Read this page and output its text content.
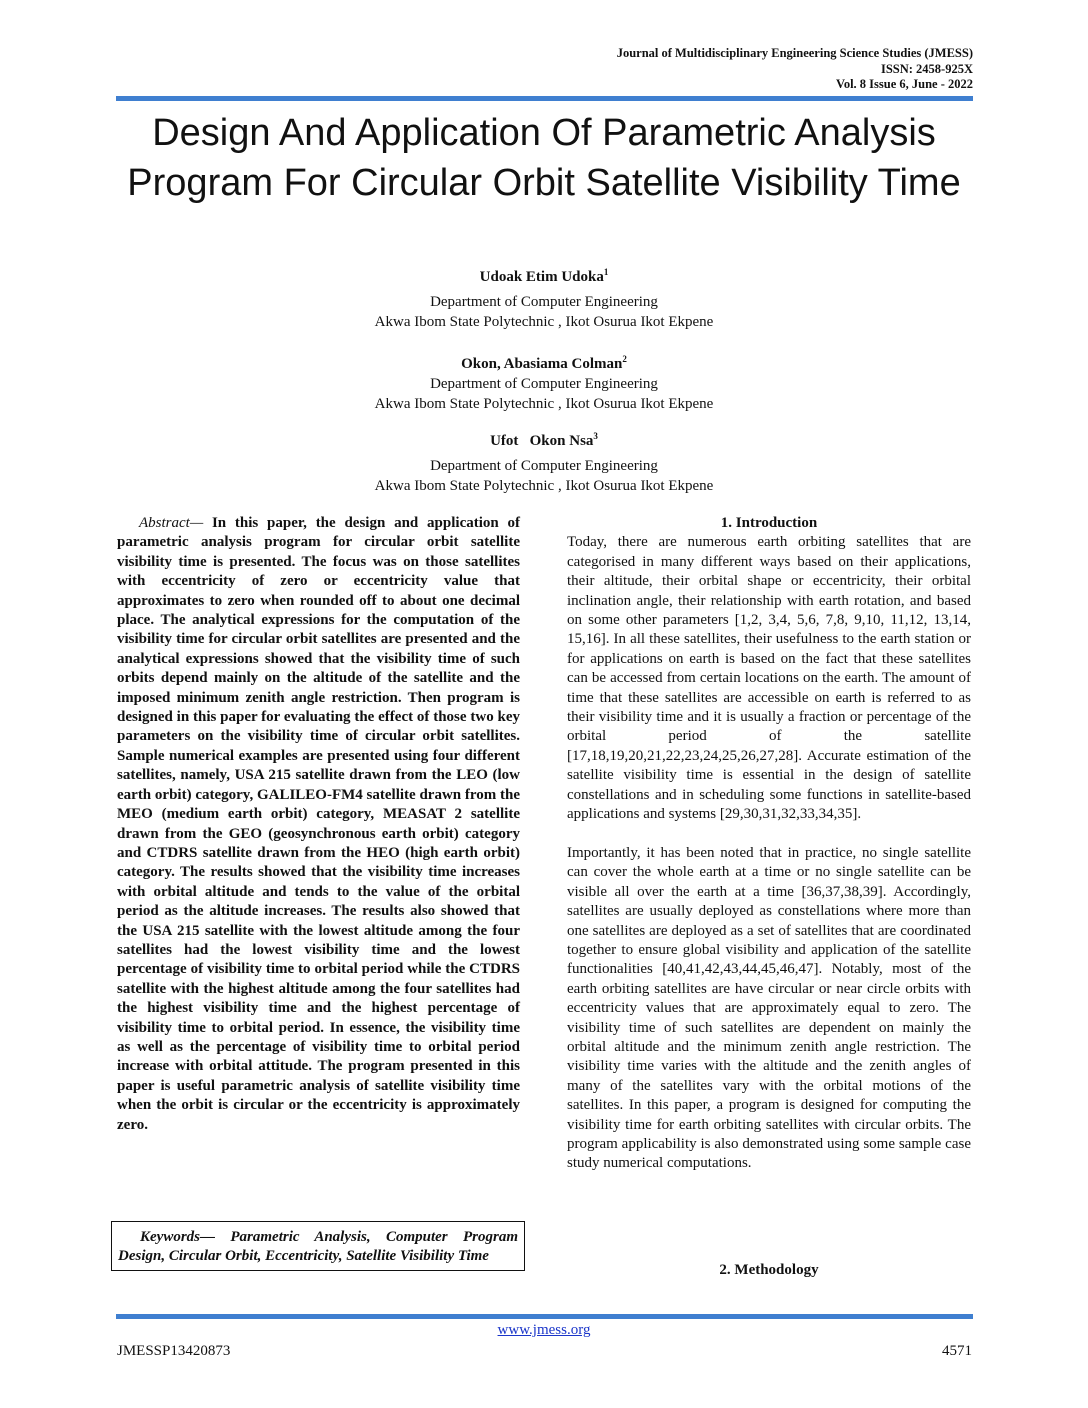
Journal of Multidisciplinary Engineering Science Studies (JMESS)
ISSN: 2458-925X
Vol. 8 Issue 6, June - 2022
Design And Application Of Parametric Analysis Program For Circular Orbit Satellite Visibility Time
Udoak Etim Udoka$^1$
Department of Computer Engineering
Akwa Ibom State Polytechnic , Ikot Osurua Ikot Ekpene
Okon, Abasiama Colman$^2$
Department of Computer Engineering
Akwa Ibom State Polytechnic , Ikot Osurua Ikot Ekpene
Ufot   Okon Nsa$^3$
Department of Computer Engineering
Akwa Ibom State Polytechnic , Ikot Osurua Ikot Ekpene

Abstract— In this paper, the design and application of parametric analysis program for circular orbit satellite visibility time is presented. The focus was on those satellites with eccentricity of zero or eccentricity value that approximates to zero when rounded off to about one decimal place. The analytical expressions for the computation of the visibility time for circular orbit satellites are presented and the analytical expressions showed that the visibility time of such orbits depend mainly on the altitude of the satellite and the imposed minimum zenith angle restriction. Then program is designed in this paper for evaluating the effect of those two key parameters on the visibility time of circular orbit satellites. Sample numerical examples are presented using four different satellites, namely, USA 215 satellite drawn from the LEO (low earth orbit) category, GALILEO-FM4 satellite drawn from the MEO (medium earth orbit) category, MEASAT 2 satellite drawn from the GEO (geosynchronous earth orbit) category and CTDRS satellite drawn from the HEO (high earth orbit) category. The results showed that the visibility time increases with orbital altitude and tends to the value of the orbital period as the altitude increases. The results also showed that the USA 215 satellite with the lowest altitude among the four satellites had the lowest visibility time and the lowest percentage of visibility time to orbital period while the CTDRS satellite with the highest altitude among the four satellites had the highest visibility time and the highest percentage of visibility time to orbital period. In essence, the visibility time as well as the percentage of visibility time to orbital period increase with orbital attitude. The program presented in this paper is useful parametric analysis of satellite visibility time when the orbit is circular or the eccentricity is approximately zero.

Keywords— Parametric Analysis, Computer Program Design, Circular Orbit, Eccentricity, Satellite Visibility Time

1. Introduction

Today, there are numerous earth orbiting satellites that are categorised in many different ways based on their applications, their altitude, their orbital shape or eccentricity, their orbital inclination angle, their relationship with earth rotation, and based on some other parameters [1,2, 3,4, 5,6, 7,8, 9,10, 11,12, 13,14, 15,16]. In all these satellites, their usefulness to the earth station or for applications on earth is based on the fact that these satellites can be accessed from certain locations on the earth. The amount of time that these satellites are accessible on earth is referred to as their visibility time and it is usually a fraction or percentage of the orbital period of the satellite [17,18,19,20,21,22,23,24,25,26,27,28]. Accurate estimation of the satellite visibility time is essential in the design of satellite constellations and in scheduling some functions in satellite-based applications and systems [29,30,31,32,33,34,35].

Importantly, it has been noted that in practice, no single satellite can cover the whole earth at a time or no single satellite can be visible all over the earth at a time [36,37,38,39]. Accordingly, satellites are usually deployed as constellations where more than one satellites are deployed as a set of satellites that are coordinated together to ensure global visibility and application of the satellite functionalities [40,41,42,43,44,45,46,47]. Notably, most of the earth orbiting satellites are have circular or near circle orbits with eccentricity values that are approximately equal to zero. The visibility time of such satellites are dependent on mainly the orbital altitude and the minimum zenith angle restriction. The visibility time varies with the altitude and the zenith angles of many of the satellites vary with the orbital motions of the satellites. In this paper, a program is designed for computing the visibility time for earth orbiting satellites with circular orbits. The program applicability is also demonstrated using some sample case study numerical computations.

2. Methodology
www.jmess.org
JMESSP13420873	4571
